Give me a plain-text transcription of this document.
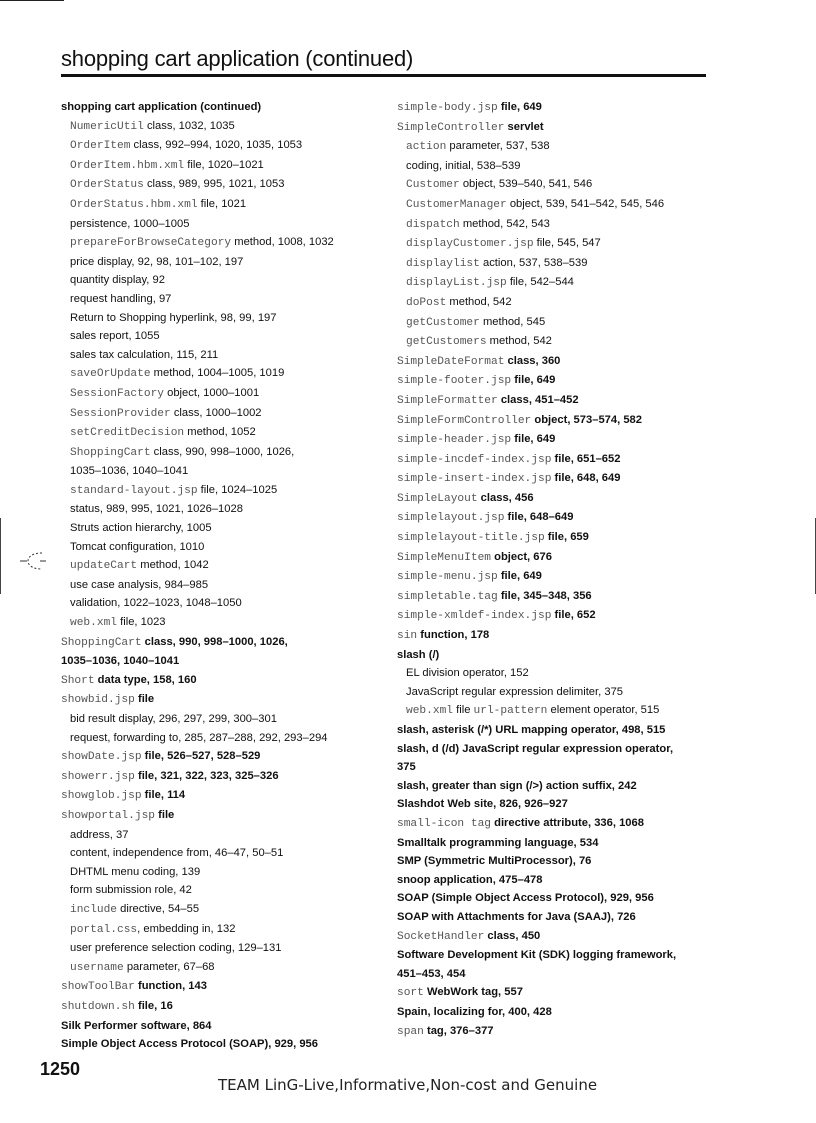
shopping cart application (continued)
shopping cart application (continued)
NumericUtil class, 1032, 1035
OrderItem class, 992–994, 1020, 1035, 1053
OrderItem.hbm.xml file, 1020–1021
OrderStatus class, 989, 995, 1021, 1053
OrderStatus.hbm.xml file, 1021
persistence, 1000–1005
prepareForBrowseCategory method, 1008, 1032
price display, 92, 98, 101–102, 197
quantity display, 92
request handling, 97
Return to Shopping hyperlink, 98, 99, 197
sales report, 1055
sales tax calculation, 115, 211
saveOrUpdate method, 1004–1005, 1019
SessionFactory object, 1000–1001
SessionProvider class, 1000–1002
setCreditDecision method, 1052
ShoppingCart class, 990, 998–1000, 1026,
1035–1036, 1040–1041
standard-layout.jsp file, 1024–1025
status, 989, 995, 1021, 1026–1028
Struts action hierarchy, 1005
Tomcat configuration, 1010
updateCart method, 1042
use case analysis, 984–985
validation, 1022–1023, 1048–1050
web.xml file, 1023
ShoppingCart class, 990, 998–1000, 1026,
1035–1036, 1040–1041
Short data type, 158, 160
showbid.jsp file
bid result display, 296, 297, 299, 300–301
request, forwarding to, 285, 287–288, 292, 293–294
showDate.jsp file, 526–527, 528–529
showerr.jsp file, 321, 322, 323, 325–326
showglob.jsp file, 114
showportal.jsp file
address, 37
content, independence from, 46–47, 50–51
DHTML menu coding, 139
form submission role, 42
include directive, 54–55
portal.css, embedding in, 132
user preference selection coding, 129–131
username parameter, 67–68
showToolBar function, 143
shutdown.sh file, 16
Silk Performer software, 864
Simple Object Access Protocol (SOAP), 929, 956
simple-body.jsp file, 649
SimpleController servlet
action parameter, 537, 538
coding, initial, 538–539
Customer object, 539–540, 541, 546
CustomerManager object, 539, 541–542, 545, 546
dispatch method, 542, 543
displayCustomer.jsp file, 545, 547
displaylist action, 537, 538–539
displayList.jsp file, 542–544
doPost method, 542
getCustomer method, 545
getCustomers method, 542
SimpleDateFormat class, 360
simple-footer.jsp file, 649
SimpleFormatter class, 451–452
SimpleFormController object, 573–574, 582
simple-header.jsp file, 649
simple-incdef-index.jsp file, 651–652
simple-insert-index.jsp file, 648, 649
SimpleLayout class, 456
simplelayout.jsp file, 648–649
simplelayout-title.jsp file, 659
SimpleMenuItem object, 676
simple-menu.jsp file, 649
simpletable.tag file, 345–348, 356
simple-xmldef-index.jsp file, 652
sin function, 178
slash (/)
EL division operator, 152
JavaScript regular expression delimiter, 375
web.xml file url-pattern element operator, 515
slash, asterisk (/*) URL mapping operator, 498, 515
slash, d (/d) JavaScript regular expression operator,
375
slash, greater than sign (/>) action suffix, 242
Slashdot Web site, 826, 926–927
small-icon tag directive attribute, 336, 1068
Smalltalk programming language, 534
SMP (Symmetric MultiProcessor), 76
snoop application, 475–478
SOAP (Simple Object Access Protocol), 929, 956
SOAP with Attachments for Java (SAAJ), 726
SocketHandler class, 450
Software Development Kit (SDK) logging framework,
451–453, 454
sort WebWork tag, 557
Spain, localizing for, 400, 428
span tag, 376–377
1250
TEAM LinG-Live,Informative,Non-cost and Genuine
